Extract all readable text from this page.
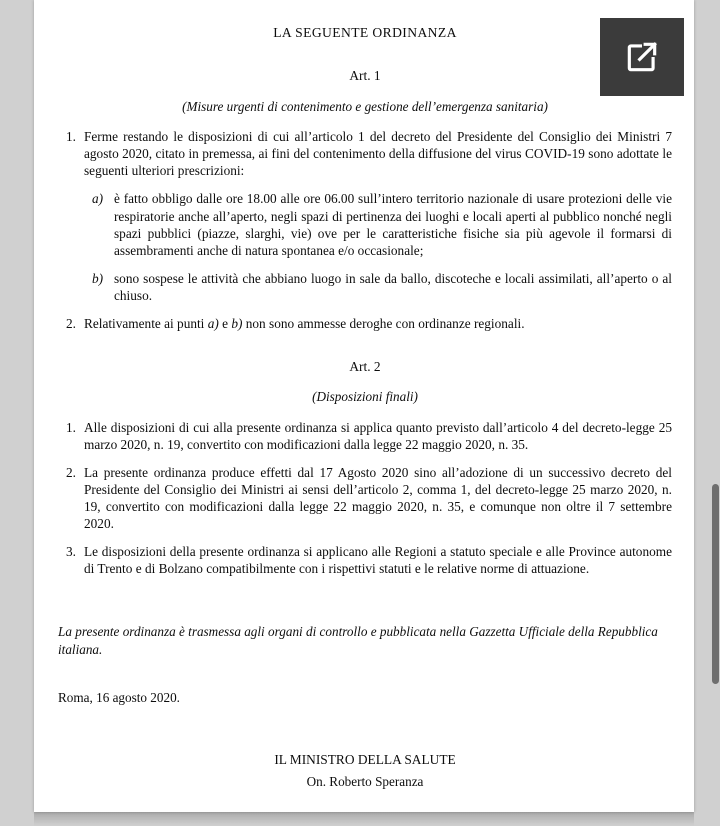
LA SEGUENTE ORDINANZA
Art. 1
(Misure urgenti di contenimento e gestione dell’emergenza sanitaria)
1. Ferme restando le disposizioni di cui all’articolo 1 del decreto del Presidente del Consiglio dei Ministri 7 agosto 2020, citato in premessa, ai fini del contenimento della diffusione del virus COVID-19 sono adottate le seguenti ulteriori prescrizioni:
a) è fatto obbligo dalle ore 18.00 alle ore 06.00 sull’intero territorio nazionale di usare protezioni delle vie respiratorie anche all’aperto, negli spazi di pertinenza dei luoghi e locali aperti al pubblico nonché negli spazi pubblici (piazze, slarghi, vie) ove per le caratteristiche fisiche sia più agevole il formarsi di assembramenti anche di natura spontanea e/o occasionale;
b) sono sospese le attività che abbiano luogo in sale da ballo, discoteche e locali assimilati, all’aperto o al chiuso.
2. Relativamente ai punti a) e b) non sono ammesse deroghe con ordinanze regionali.
Art. 2
(Disposizioni finali)
1. Alle disposizioni di cui alla presente ordinanza si applica quanto previsto dall’articolo 4 del decreto-legge 25 marzo 2020, n. 19, convertito con modificazioni dalla legge 22 maggio 2020, n. 35.
2. La presente ordinanza produce effetti dal 17 Agosto 2020 sino all’adozione di un successivo decreto del Presidente del Consiglio dei Ministri ai sensi dell’articolo 2, comma 1, del decreto-legge 25 marzo 2020, n. 19, convertito con modificazioni dalla legge 22 maggio 2020, n. 35, e comunque non oltre il 7 settembre 2020.
3. Le disposizioni della presente ordinanza si applicano alle Regioni a statuto speciale e alle Province autonome di Trento e di Bolzano compatibilmente con i rispettivi statuti e le relative norme di attuazione.
La presente ordinanza è trasmessa agli organi di controllo e pubblicata nella Gazzetta Ufficiale della Repubblica italiana.
Roma, 16 agosto 2020.
IL MINISTRO DELLA SALUTE
On. Roberto Speranza
